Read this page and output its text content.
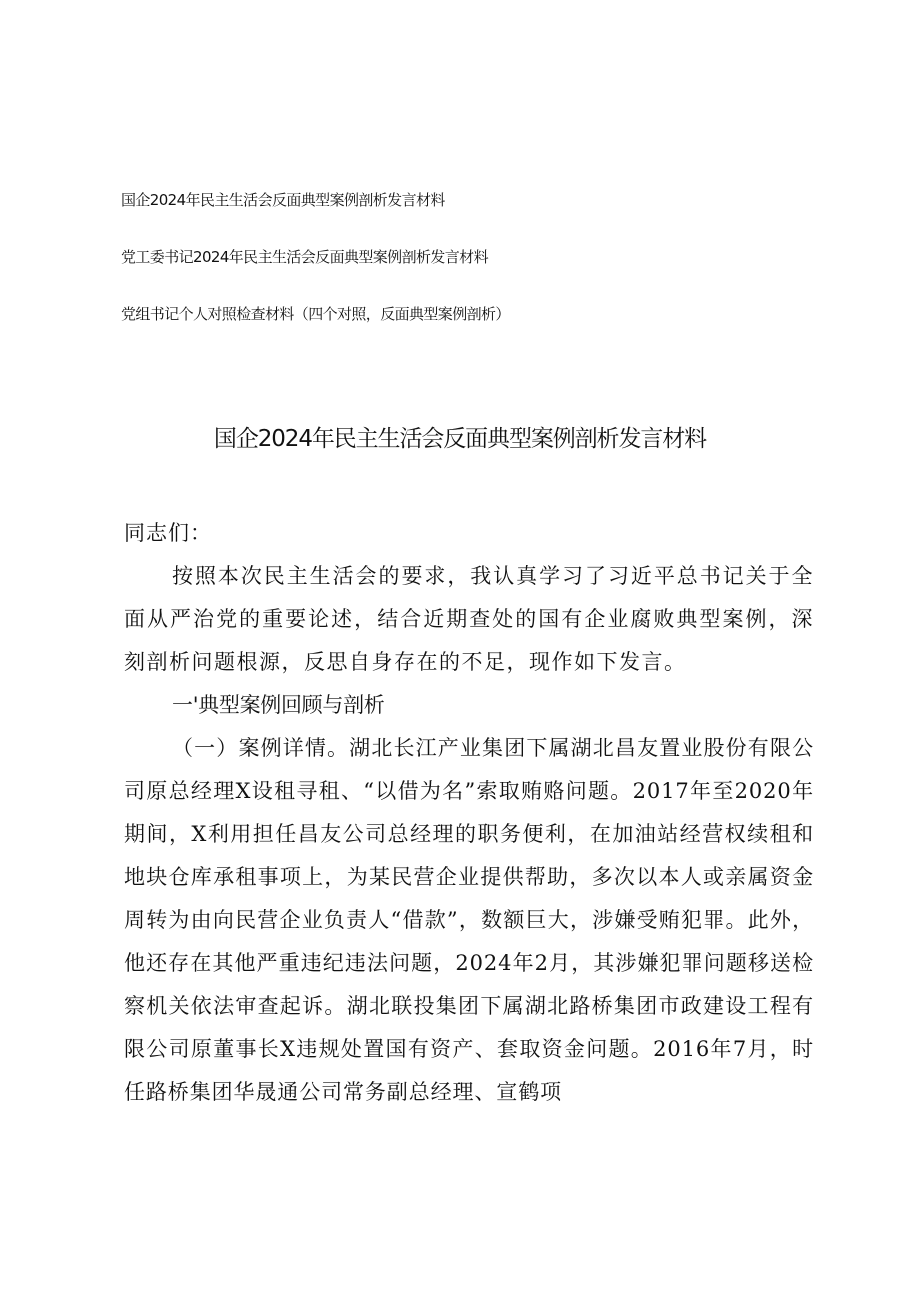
国企2024年民主生活会反面典型案例剖析发言材料
党工委书记2024年民主生活会反面典型案例剖析发言材料
党组书记个人对照检查材料（四个对照，反面典型案例剖析）
国企2024年民主生活会反面典型案例剖析发言材料

同志们：

按照本次民主生活会的要求，我认真学习了习近平总书记关于全面从严治党的重要论述，结合近期查处的国有企业腐败典型案例，深刻剖析问题根源，反思自身存在的不足，现作如下发言。

一'典型案例回顾与剖析

（一）案例详情。湖北长江产业集团下属湖北昌友置业股份有限公司原总经理X设租寻租、“以借为名”索取贿赂问题。2017年至2020年期间，X利用担任昌友公司总经理的职务便利，在加油站经营权续租和地块仓库承租事项上，为某民营企业提供帮助，多次以本人或亲属资金周转为由向民营企业负责人“借款”，数额巨大，涉嫌受贿犯罪。此外，他还存在其他严重违纪违法问题，2024年2月，其涉嫌犯罪问题移送检察机关依法审查起诉。湖北联投集团下属湖北路桥集团市政建设工程有限公司原董事长X违规处置国有资产、套取资金问题。2016年7月，时任路桥集团华晟通公司常务副总经理、宣鹤项
